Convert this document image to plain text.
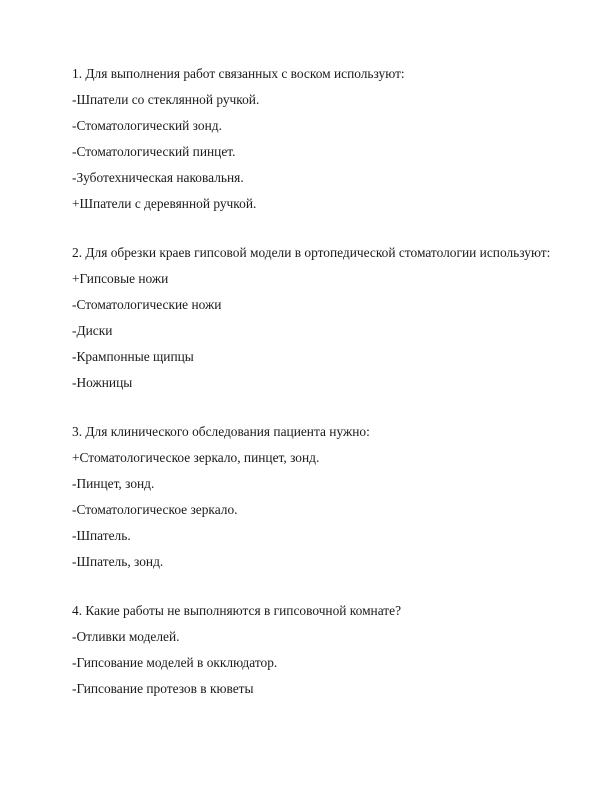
1. Для выполнения работ связанных с воском используют:
-Шпатели со стеклянной ручкой.
-Стоматологический зонд.
-Стоматологический пинцет.
-Зуботехническая наковальня.
+Шпатели с деревянной ручкой.
2. Для обрезки краев гипсовой модели в ортопедической стоматологии используют:
+Гипсовые ножи
-Стоматологические ножи
-Диски
-Крампонные щипцы
-Ножницы
3. Для клинического обследования пациента нужно:
+Стоматологическое зеркало, пинцет, зонд.
-Пинцет, зонд.
-Стоматологическое зеркало.
-Шпатель.
-Шпатель, зонд.
4. Какие работы не выполняются в гипсовочной комнате?
-Отливки моделей.
-Гипсование моделей в окклюдатор.
-Гипсование протезов в кюветы
